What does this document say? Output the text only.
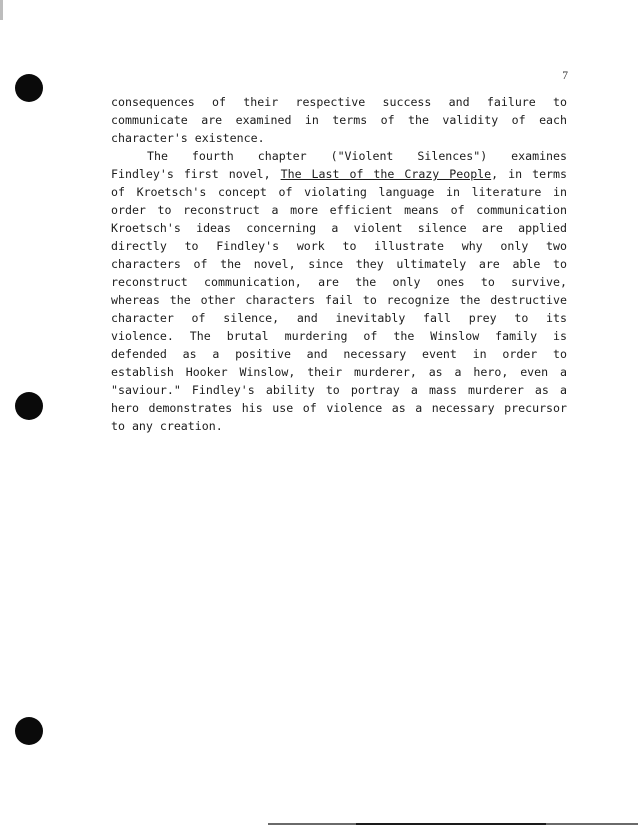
7
consequences of their respective success and failure to
communicate are examined in terms of the validity of each
character's existence.
The fourth chapter ("Violent Silences") examines
Findley's first novel, The Last of the Crazy People, in terms
of Kroetsch's concept of violating language in literature in
order to reconstruct a more efficient means of communication
Kroetsch's ideas concerning a violent silence are applied
directly to Findley's work to illustrate why only two
characters of the novel, since they ultimately are able to
reconstruct communication, are the only ones to survive,
whereas the other characters fail to recognize the destructive
character of silence, and inevitably fall prey to its
violence. The brutal murdering of the Winslow family is
defended as a positive and necessary event in order to
establish Hooker Winslow, their murderer, as a hero, even a
"saviour." Findley's ability to portray a mass murderer as a
hero demonstrates his use of violence as a necessary precursor
to any creation.
